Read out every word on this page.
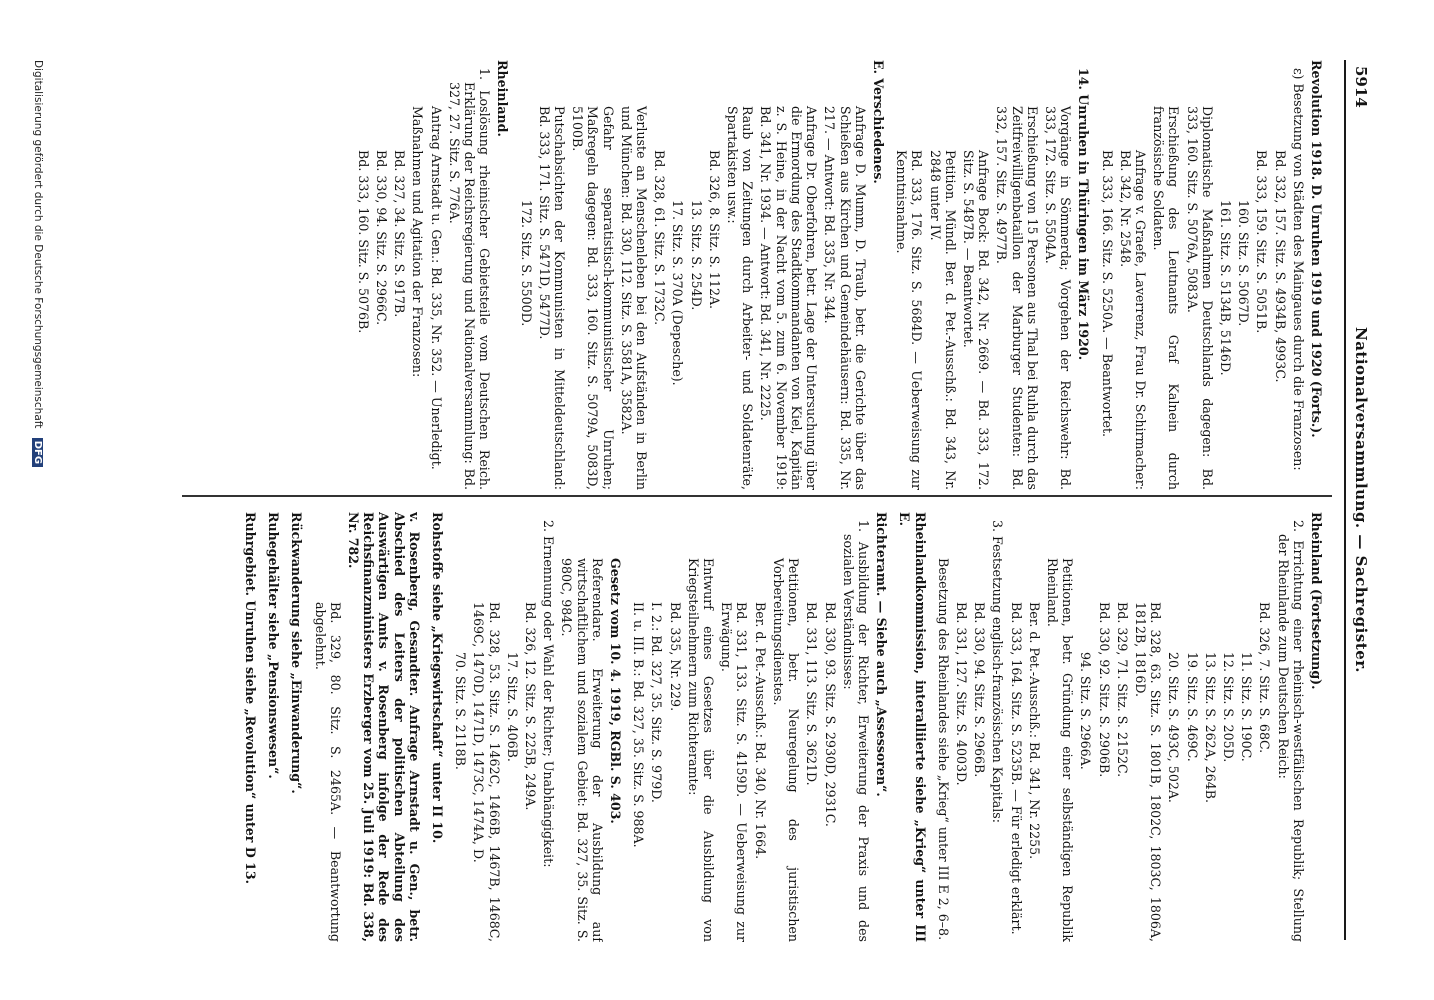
5914
Nationalversammlung. — Sachregister.

Revolution 1918. D. Unruhen 1919 und 1920 (Forts.).

ε) Besetzung von Städten des Maingaues durch die Franzosen:

Bd. 332, 157. Sitz. S. 4934B, 4993C.

Bd. 333, 159. Sitz. S. 5051B.

160. Sitz. S. 5067D.

161. Sitz. S. 5134B, 5146D.

Diplomatische Maßnahmen Deutschlands dagegen: Bd. 333, 160. Sitz. S. 5076A, 5083A.

Erschießung des Leutnants Graf Kalnein durch französische Soldaten.

Anfrage v. Graefe, Laverrenz, Frau Dr. Schirmacher: Bd. 342, Nr. 2548.

Bd. 333, 166. Sitz. S. 5250A. — Beantwortet.

14. Unruhen in Thüringen im März 1920.

Vorgänge in Sömmerda; Vorgehen der Reichswehr: Bd. 333, 172. Sitz. S. 5504A.

Erschießung von 15 Personen aus Thal bei Ruhla durch das Zeitfreiwilligenbataillon der Marburger Studenten: Bd. 332, 157. Sitz. S. 4977B.

Anfrage Bock: Bd. 342, Nr. 2669. — Bd. 333, 172. Sitz. S. 5487B. — Beantwortet.

Petition. Mündl. Ber. d. Pet.-Ausschß.: Bd. 343, Nr. 2848 unter IV.

Bd. 333, 176. Sitz. S. 5684D. — Ueberweisung zur Kenntnisnahme.

E. Verschiedenes.

Anfrage D. Mumm, D. Traub, betr. die Gerichte über das Schießen aus Kirchen und Gemeindehäusern: Bd. 335, Nr. 217. — Antwort: Bd. 335, Nr. 344.

Anfrage Dr. Oberfohren, betr. Lage der Untersuchung über die Ermordung des Stadtkommandanten von Kiel, Kapitän z. S. Heine, in der Nacht vom 5. zum 6. November 1919: Bd. 341, Nr. 1934. — Antwort: Bd. 341, Nr. 2225.

Raub von Zeitungen durch Arbeiter- und Soldatenräte, Spartakisten usw.:

Bd. 326, 8. Sitz. S. 112A.

13. Sitz. S. 254D.

17. Sitz. S. 370A (Depesche).

Bd. 328, 61. Sitz. S. 1732C.

Verluste an Menschenleben bei den Aufständen in Berlin und München: Bd. 330, 112. Sitz. S. 3581A, 3582A.

Gefahr separatistisch-kommunistischer Unruhen; Maßregeln dagegen: Bd. 333, 160. Sitz. S. 5079A, 5083D, 5100B.

Putschabsichten der Kommunisten in Mitteldeutschland: Bd. 333, 171. Sitz. S. 5471D, 5477D.

172. Sitz. S. 5500D.

Rheinland.

1. Loslösung rheinischer Gebietsteile vom Deutschen Reich. Erklärung der Reichsregierung und Nationalversammlung: Bd. 327, 27. Sitz. S. 776A.

Antrag Arnstadt u. Gen.: Bd. 335, Nr. 352. — Unerledigt.

Maßnahmen und Agitation der Franzosen:

Bd. 327, 34. Sitz. S. 917B.

Bd. 330, 94. Sitz. S. 2966C.

Bd. 333, 160. Sitz. S. 5076B.

Rheinland (Fortsetzung).

2. Errichtung einer rheinisch-westfälischen Republik; Stellung der Rheinlande zum Deutschen Reich:

Bd. 326, 7. Sitz. S. 68C.

11. Sitz. S. 190C.

12. Sitz. S. 205D.

13. Sitz. S. 262A, 264B.

19. Sitz. S. 469C.

20. Sitz. S. 493C, 502A.

Bd. 328, 63. Sitz. S. 1801B, 1802C, 1803C, 1806A, 1812B, 1816D.

Bd. 329, 71. Sitz. S. 2152C.

Bd. 330, 92. Sitz. S. 2906B.

94. Sitz. S. 2966A.

Petitionen, betr. Gründung einer selbständigen Republik Rheinland.

Ber. d. Pet.-Ausschß.: Bd. 341, Nr. 2255.

Bd. 333, 164. Sitz. S. 5235B. — Für erledigt erklärt.

3. Festsetzung englisch-französischen Kapitals:

Bd. 330, 94. Sitz. S. 2966B.

Bd. 331, 127. Sitz. S. 4003D.

Besetzung des Rheinlandes siehe „Krieg“ unter III E 2, 6–8.

Rheinlandkommission, interalliierte siehe „Krieg“ unter III E.

Richteramt. — Siehe auch „Assessoren“.

1. Ausbildung der Richter, Erweiterung der Praxis und des sozialen Verständnisses:

Bd. 330, 93. Sitz. S. 2930D, 2931C.

Bd. 331, 113. Sitz. S. 3621D.

Petitionen, betr. Neuregelung des juristischen Vorbereitungsdienstes.

Ber. d. Pet.-Ausschß.: Bd. 340, Nr. 1664.

Bd. 331, 133. Sitz. S. 4159D. — Ueberweisung zur Erwägung.

Entwurf eines Gesetzes über die Ausbildung von Kriegsteilnehmern zum Richteramte:

Bd. 335, Nr. 229.

I. 2.: Bd. 327, 35. Sitz. S. 979D.

II. u. III. B.: Bd. 327, 35. Sitz. S. 988A.

Gesetz vom 10. 4. 1919, RGBl. S. 403.

Referendare. Erweiterung der Ausbildung auf wirtschaftlichem und sozialem Gebiet: Bd. 327, 35. Sitz. S. 980C, 984C.

2. Ernennung oder Wahl der Richter; Unabhängigkeit:

Bd. 326, 12. Sitz. S. 225B, 249A.

17. Sitz. S. 406B.

Bd. 328, 53. Sitz. S. 1462C, 1466B, 1467B, 1468C, 1469C, 1470D, 1471D, 1473C, 1474A, D.

70. Sitz. S. 2118B.

Rohstoffe siehe „Kriegswirtschaft“ unter II 10.

v. Rosenberg, Gesandter. Anfrage Arnstadt u. Gen., betr. Abschied des Leiters der politischen Abteilung des Auswärtigen Amts v. Rosenberg infolge der Rede des Reichsfinanzministers Erzberger vom 25. Juli 1919: Bd. 338, Nr. 782.

Bd. 329, 80. Sitz. S. 2465A. — Beantwortung abgelehnt.

Rückwanderung siehe „Einwanderung“.

Ruhegehälter siehe „Pensionswesen“.

Ruhrgebiet. Unruhen siehe „Revolution“ unter D 13.

Digitalisierung gefördert durch die Deutsche Forschungsgemeinschaft DFG
